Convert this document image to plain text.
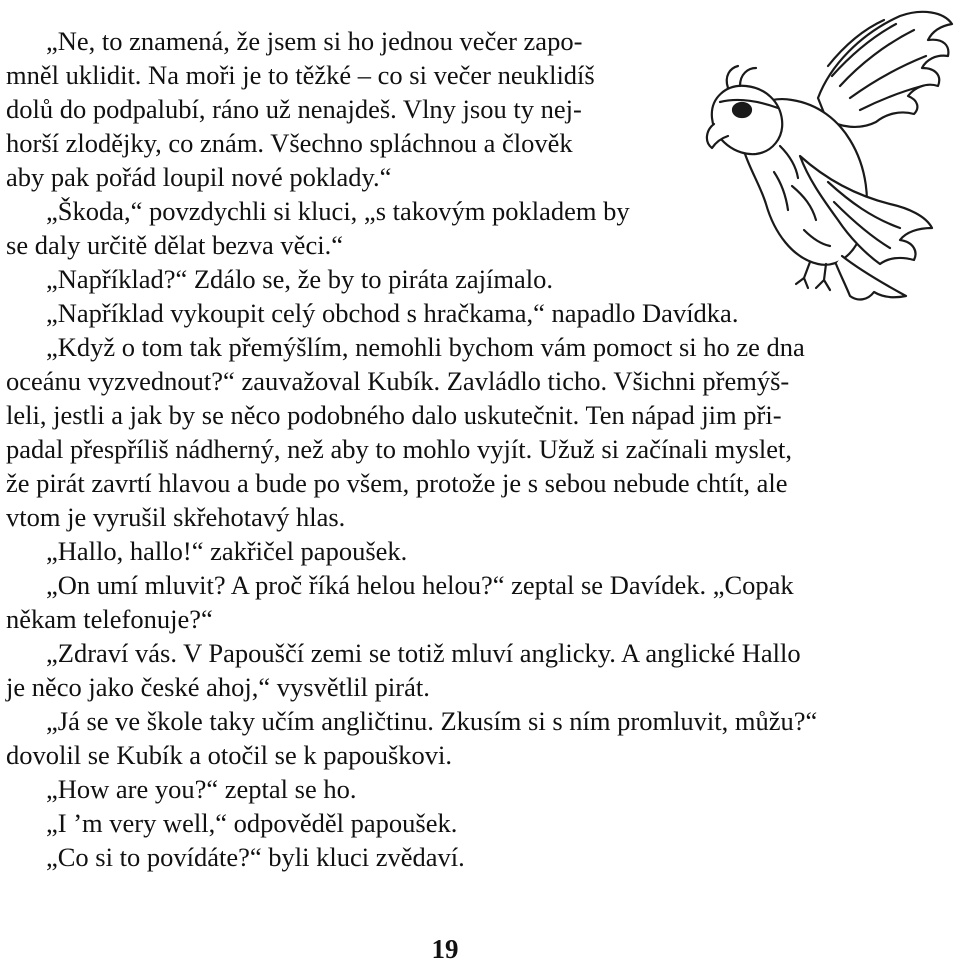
„Ne, to znamená, že jsem si ho jednou večer zapo-
mněl uklidit. Na moři je to těžké – co si večer neuklidíš
dolů do podpalubí, ráno už nenajdeš. Vlny jsou ty nej-
horší zlodějky, co znám. Všechno spláchnou a člověk
aby pak pořád loupil nové poklady.“
„Škoda,“ povzdychli si kluci, „s takovým pokladem by
se daly určitě dělat bezva věci.“
„Například?“ Zdálo se, že by to piráta zajímalo.
„Například vykoupit celý obchod s hračkama,“ napadlo Davídka.
„Když o tom tak přemýšlím, nemohli bychom vám pomoct si ho ze dna
oceánu vyzvednout?“ zauvažoval Kubík. Zavládlo ticho. Všichni přemýš-
leli, jestli a jak by se něco podobného dalo uskutečnit. Ten nápad jim při-
padal přespříliš nádherný, než aby to mohlo vyjít. Užuž si začínali myslet,
že pirát zavrtí hlavou a bude po všem, protože je s sebou nebude chtít, ale
vtom je vyrušil skřehotavý hlas.
„Hallo, hallo!“ zakřičel papoušek.
„On umí mluvit? A proč říká helou helou?“ zeptal se Davídek. „Copak
někam telefonuje?“
„Zdraví vás. V Papouščí zemi se totiž mluví anglicky. A anglické Hallo
je něco jako české ahoj,“ vysvětlil pirát.
„Já se ve škole taky učím angličtinu. Zkusím si s ním promluvit, můžu?“
dovolil se Kubík a otočil se k papouškovi.
„How are you?“ zeptal se ho.
„I ’m very well,“ odpověděl papoušek.
„Co si to povídáte?“ byli kluci zvědaví.
19
